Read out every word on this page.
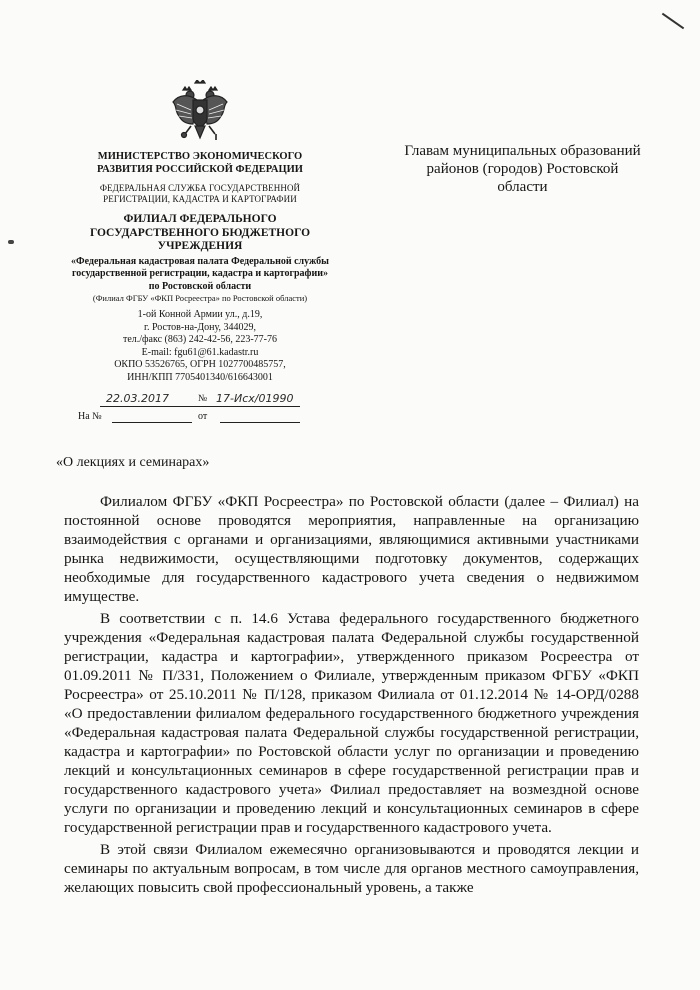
МИНИСТЕРСТВО ЭКОНОМИЧЕСКОГО РАЗВИТИЯ РОССИЙСКОЙ ФЕДЕРАЦИИ
ФЕДЕРАЛЬНАЯ СЛУЖБА ГОСУДАРСТВЕННОЙ РЕГИСТРАЦИИ, КАДАСТРА И КАРТОГРАФИИ
ФИЛИАЛ ФЕДЕРАЛЬНОГО ГОСУДАРСТВЕННОГО БЮДЖЕТНОГО УЧРЕЖДЕНИЯ
«Федеральная кадастровая палата Федеральной службы государственной регистрации, кадастра и картографии» по Ростовской области
(Филиал ФГБУ «ФКП Росреестра» по Ростовской области)
1-ой Конной Армии ул., д.19,
г. Ростов-на-Дону, 344029,
тел./факс (863) 242-42-56, 223-77-76
E-mail: fgu61@61.kadastr.ru
ОКПО 53526765, ОГРН 1027700485757,
ИНН/КПП 7705401340/616643001
22.03.2017	№ 17-Исх/01990
На №	от
Главам муниципальных образований районов (городов) Ростовской области
«О лекциях и семинарах»

Филиалом ФГБУ «ФКП Росреестра» по Ростовской области (далее – Филиал) на постоянной основе проводятся мероприятия, направленные на организацию взаимодействия с органами и организациями, являющимися активными участниками рынка недвижимости, осуществляющими подготовку документов, содержащих необходимые для государственного кадастрового учета сведения о недвижимом имуществе.

В соответствии с п. 14.6 Устава федерального государственного бюджетного учреждения «Федеральная кадастровая палата Федеральной службы государственной регистрации, кадастра и картографии», утвержденного приказом Росреестра от 01.09.2011 № П/331, Положением о Филиале, утвержденным приказом ФГБУ «ФКП Росреестра» от 25.10.2011 № П/128, приказом Филиала от 01.12.2014 № 14-ОРД/0288 «О предоставлении филиалом федерального государственного бюджетного учреждения «Федеральная кадастровая палата Федеральной службы государственной регистрации, кадастра и картографии» по Ростовской области услуг по организации и проведению лекций и консультационных семинаров в сфере государственной регистрации прав и государственного кадастрового учета» Филиал предоставляет на возмездной основе услуги по организации и проведению лекций и консультационных семинаров в сфере государственной регистрации прав и государственного кадастрового учета.

В этой связи Филиалом ежемесячно организовываются и проводятся лекции и семинары по актуальным вопросам, в том числе для органов местного самоуправления, желающих повысить свой профессиональный уровень, а также
